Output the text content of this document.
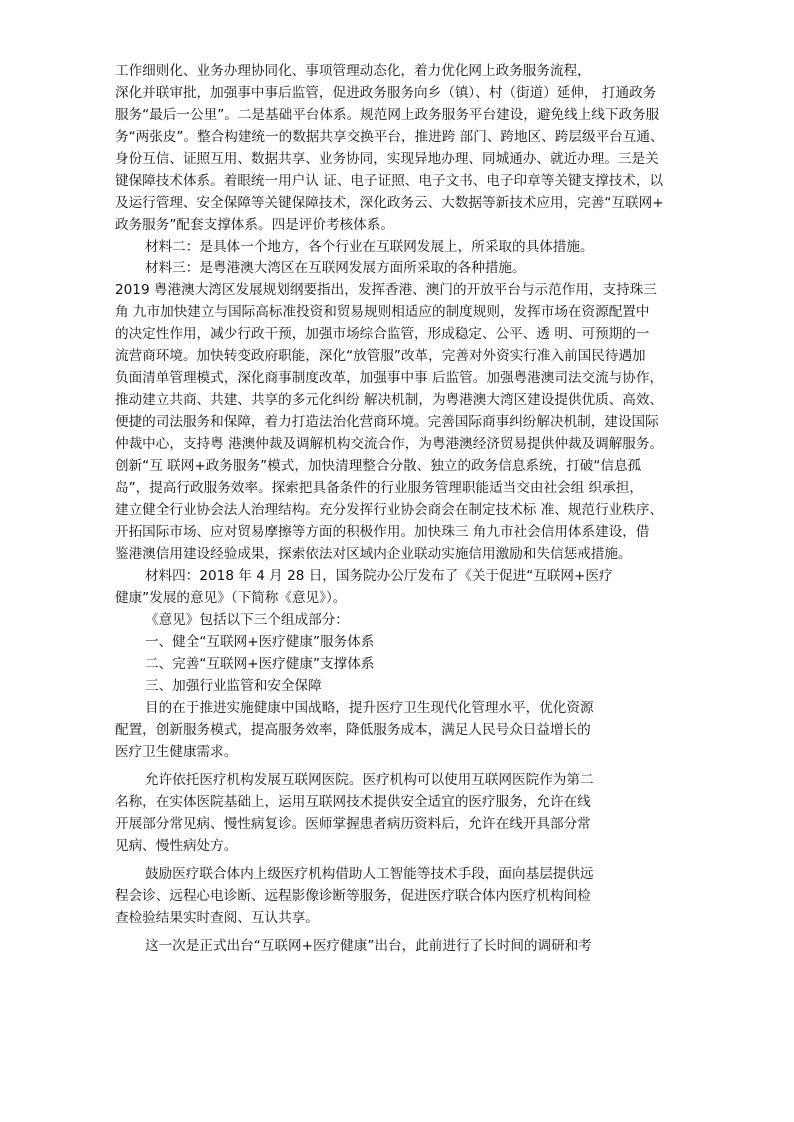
工作细则化、业务办理协同化、事项管理动态化，着力优化网上政务服务流程，
深化并联审批，加强事中事后监管，促进政务服务向乡（镇）、村（街道）延伸， 打通政务
服务“最后一公里”。二是基础平台体系。规范网上政务服务平台建设，避免线上线下政务服
务“两张皮”。整合构建统一的数据共享交换平台，推进跨 部门、跨地区、跨层级平台互通、
身份互信、证照互用、数据共享、业务协同，实现异地办理、同城通办、就近办理。三是关
键保障技术体系。着眼统一用户认 证、电子证照、电子文书、电子印章等关键支撑技术，以
及运行管理、安全保障等关键保障技术，深化政务云、大数据等新技术应用，完善“互联网+
政务服务”配套支撑体系。四是评价考核体系。
材料二：是具体一个地方，各个行业在互联网发展上，所采取的具体措施。
材料三：是粤港澳大湾区在互联网发展方面所采取的各种措施。
2019 粤港澳大湾区发展规划纲要指出，发挥香港、澳门的开放平台与示范作用，支持珠三
角 九市加快建立与国际高标准投资和贸易规则相适应的制度规则，发挥市场在资源配置中
的决定性作用，减少行政干预，加强市场综合监管，形成稳定、公平、透 明、可预期的一
流营商环境。加快转变政府职能，深化“放管服”改革，完善对外资实行准入前国民待遇加
负面清单管理模式，深化商事制度改革，加强事中事 后监管。加强粤港澳司法交流与协作，
推动建立共商、共建、共享的多元化纠纷 解决机制，为粤港澳大湾区建设提供优质、高效、
便捷的司法服务和保障，着力打造法治化营商环境。完善国际商事纠纷解决机制，建设国际
仲裁中心，支持粤 港澳仲裁及调解机构交流合作，为粤港澳经济贸易提供仲裁及调解服务。
创新“互 联网+政务服务”模式，加快清理整合分散、独立的政务信息系统，打破“信息孤
岛”，提高行政服务效率。探索把具备条件的行业服务管理职能适当交由社会组 织承担，
建立健全行业协会法人治理结构。充分发挥行业协会商会在制定技术标 准、规范行业秩序、
开拓国际市场、应对贸易摩擦等方面的积极作用。加快珠三 角九市社会信用体系建设，借
鉴港澳信用建设经验成果，探索依法对区域内企业联动实施信用激励和失信惩戒措施。
材料四：2018 年 4 月 28 日，国务院办公厅发布了《关于促进“互联网+医疗
健康”发展的意见》（下简称《意见》）。
《意见》包括以下三个组成部分：
一、健全“互联网+医疗健康”服务体系
二、完善“互联网+医疗健康”支撑体系
三、加强行业监管和安全保障
目的在于推进实施健康中国战略，提升医疗卫生现代化管理水平，优化资源
配置，创新服务模式，提高服务效率，降低服务成本，满足人民号众日益增长的
医疗卫生健康需求。
允许依托医疗机构发展互联网医院。医疗机构可以使用互联网医院作为第二
名称，在实体医院基础上，运用互联网技术提供安全适宜的医疗服务，允许在线
开展部分常见病、慢性病复诊。医师掌握患者病历资料后，允许在线开具部分常
见病、慢性病处方。
鼓励医疗联合体内上级医疗机构借助人工智能等技术手段，面向基层提供远
程会诊、远程心电诊断、远程影像诊断等服务，促进医疗联合体内医疗机构间检
查检验结果实时查阅、互认共享。
这一次是正式出台“互联网+医疗健康”出台，此前进行了长时间的调研和考
